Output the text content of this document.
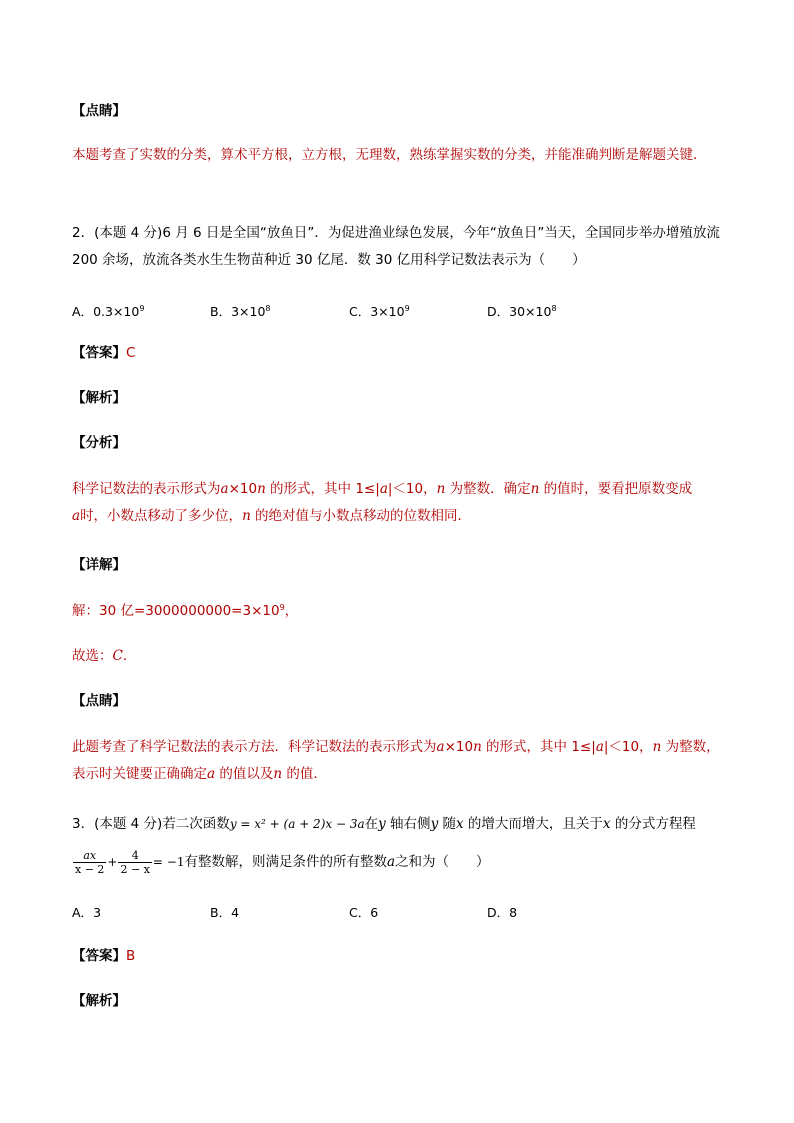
【点睛】
本题考查了实数的分类，算术平方根，立方根，无理数，熟练掌握实数的分类，并能准确判断是解题关键．
2．(本题 4 分)6 月 6 日是全国“放鱼日”．为促进渔业绿色发展，今年“放鱼日”当天，全国同步举办增殖放流 200 余场，放流各类水生生物苗种近 30 亿尾．数 30 亿用科学记数法表示为（　　）
A．$0.3\times 10^9$	B．$3\times 10^8$	C．$3\times 10^9$	D．$30\times 10^8$
【答案】C
【解析】
【分析】
科学记数法的表示形式为a×10n 的形式，其中 1≤|a|＜10，n 为整数．确定n 的值时，要看把原数变成
a时，小数点移动了多少位，n 的绝对值与小数点移动的位数相同．
【详解】
解：30 亿$=3000000000=3\times 10^9$，
故选：C．
【点睛】
此题考查了科学记数法的表示方法．科学记数法的表示形式为a×10n 的形式，其中 1≤|a|＜10，n 为整数，表示时关键要正确确定a 的值以及n 的值．
3．(本题 4 分)若二次函数y = x² + (a + 2)x − 3a在y 轴右侧y 随x 的增大而增大，且关于x 的分式方程程
$\frac{ax}{x - 2} + \frac{4}{2 - x} = -1$有整数解，则满足条件的所有整数a之和为（　　）
A．3	B．4	C．6	D．8
【答案】B
【解析】
